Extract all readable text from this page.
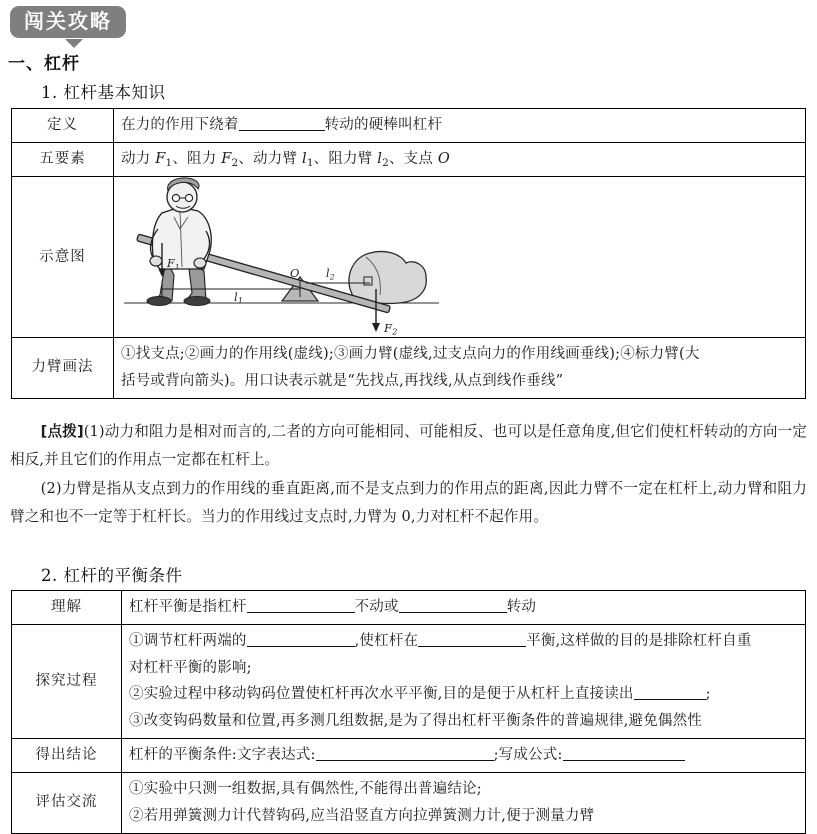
闯关攻略
一、杠杆
1. 杠杆基本知识
2. 杠杆的平衡条件
定义	在力的作用下绕着 转动的硬棒叫杠杆
五要素	动力 $F_1$、阻力 $F_2$、动力臂 $l_1$、阻力臂 $l_2$、支点 O
示意图	$F_1$
$l_1$
O $l_2$
$F_2$

力臂画法	①找支点;②画力的作用线(虚线);③画力臂(虚线,过支点向力的作用线画垂线);④标力臂(大
括号或背向箭头)。用口诀表示就是“先找点,再找线,从点到线作垂线”
[点拨](1)动力和阻力是相对而言的,二者的方向可能相同、可能相反、也可以是任意角度,但它们使杠杆转动的方向一定相反,并且它们的作用点一定都在杠杆上。
(2)力臂是指从支点到力的作用线的垂直距离,而不是支点到力的作用点的距离,因此力臂不一定在杠杆上,动力臂和阻力臂之和也不一定等于杠杆长。当力的作用线过支点时,力臂为 0,力对杠杆不起作用。
理解	杠杆平衡是指杠杆 不动或 转动
探究过程	①调节杠杆两端的 ,使杠杆在 平衡,这样做的目的是排除杠杆自重
对杠杆平衡的影响;
②实验过程中移动钩码位置使杠杆再次水平平衡,目的是便于从杠杆上直接读出 ;
③改变钩码数量和位置,再多测几组数据,是为了得出杠杆平衡条件的普遍规律,避免偶然性

得出结论	杠杆的平衡条件:文字表达式: ;写成公式:
评估交流	①实验中只测一组数据,具有偶然性,不能得出普遍结论;
②若用弹簧测力计代替钩码,应当沿竖直方向拉弹簧测力计,便于测量力臂
